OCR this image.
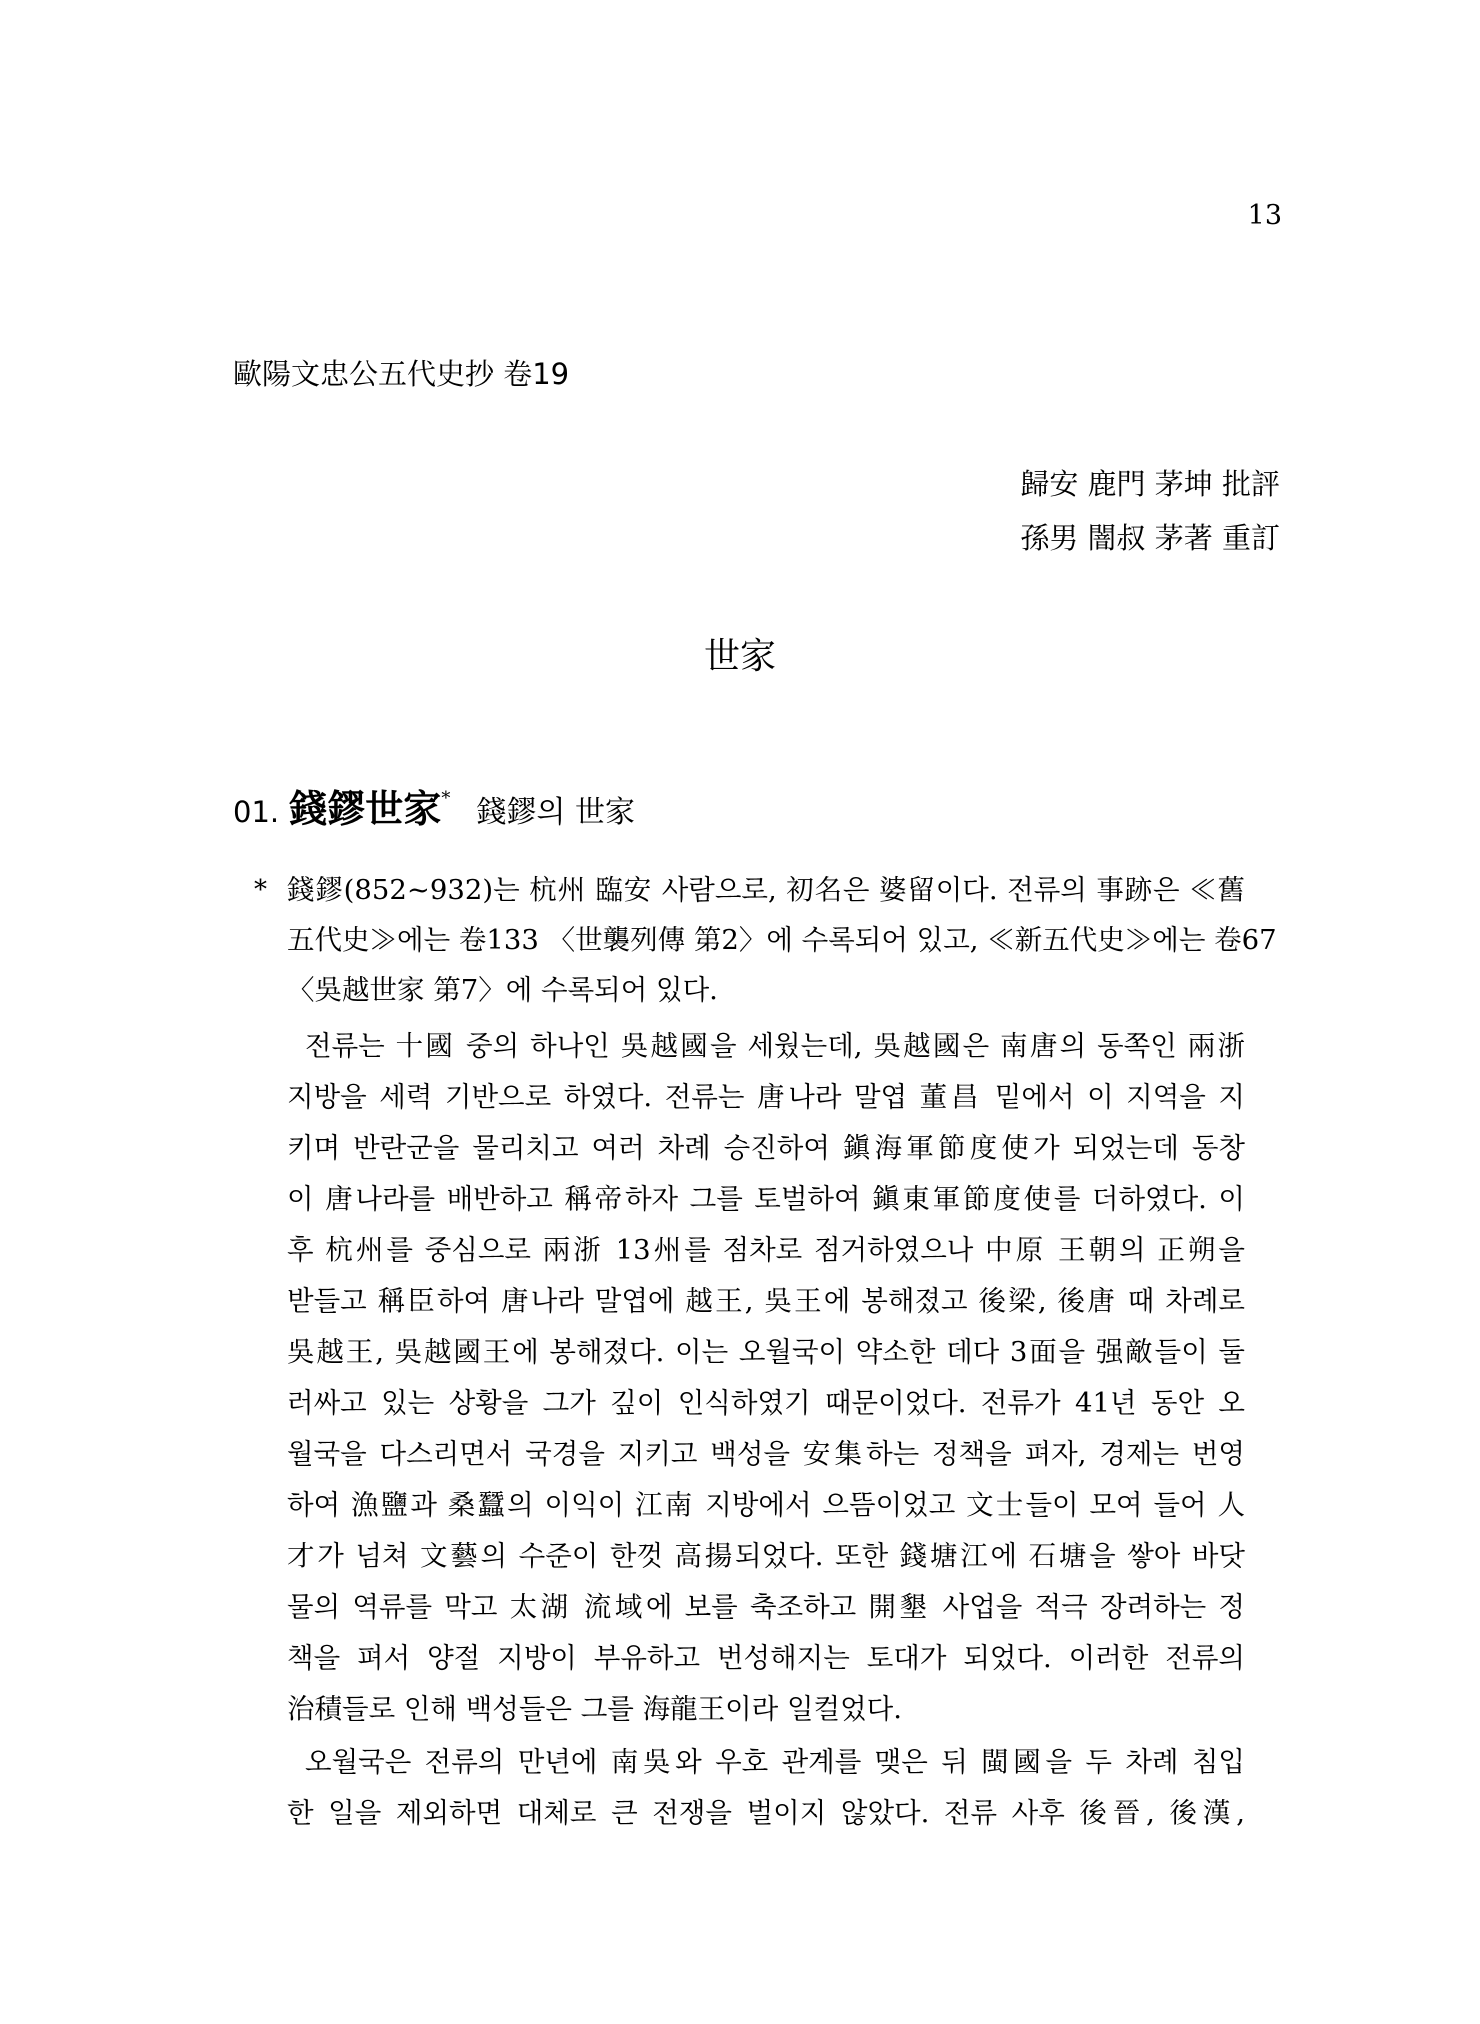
13
歐陽文忠公五代史抄 卷19
歸安 鹿門 茅坤 批評
孫男 闇叔 茅著 重訂
世家
01. 錢鏐世家* 錢鏐의 世家
* 錢鏐(852~932)는 杭州 臨安 사람으로, 初名은 婆留이다. 전류의 事跡은 ≪舊
五代史≫에는 卷133 〈世襲列傳 第2〉에 수록되어 있고, ≪新五代史≫에는 卷67
〈吳越世家 第7〉에 수록되어 있다.
전류는 十國 중의 하나인 吳越國을 세웠는데, 吳越國은 南唐의 동쪽인 兩浙
지방을 세력 기반으로 하였다. 전류는 唐나라 말엽 董昌 밑에서 이 지역을 지
키며 반란군을 물리치고 여러 차례 승진하여 鎭海軍節度使가 되었는데 동창
이 唐나라를 배반하고 稱帝하자 그를 토벌하여 鎭東軍節度使를 더하였다. 이
후 杭州를 중심으로 兩浙 13州를 점차로 점거하였으나 中原 王朝의 正朔을
받들고 稱臣하여 唐나라 말엽에 越王, 吳王에 봉해졌고 後梁, 後唐 때 차례로
吳越王, 吳越國王에 봉해졌다. 이는 오월국이 약소한 데다 3面을 强敵들이 둘
러싸고 있는 상황을 그가 깊이 인식하였기 때문이었다. 전류가 41년 동안 오
월국을 다스리면서 국경을 지키고 백성을 安集하는 정책을 펴자, 경제는 번영
하여 漁鹽과 桑蠶의 이익이 江南 지방에서 으뜸이었고 文士들이 모여 들어 人
才가 넘쳐 文藝의 수준이 한껏 高揚되었다. 또한 錢塘江에 石塘을 쌓아 바닷
물의 역류를 막고 太湖 流域에 보를 축조하고 開墾 사업을 적극 장려하는 정
책을 펴서 양절 지방이 부유하고 번성해지는 토대가 되었다. 이러한 전류의
治積들로 인해 백성들은 그를 海龍王이라 일컬었다.
오월국은 전류의 만년에 南吳와 우호 관계를 맺은 뒤 閩國을 두 차례 침입
한 일을 제외하면 대체로 큰 전쟁을 벌이지 않았다. 전류 사후 後晉, 後漢,
